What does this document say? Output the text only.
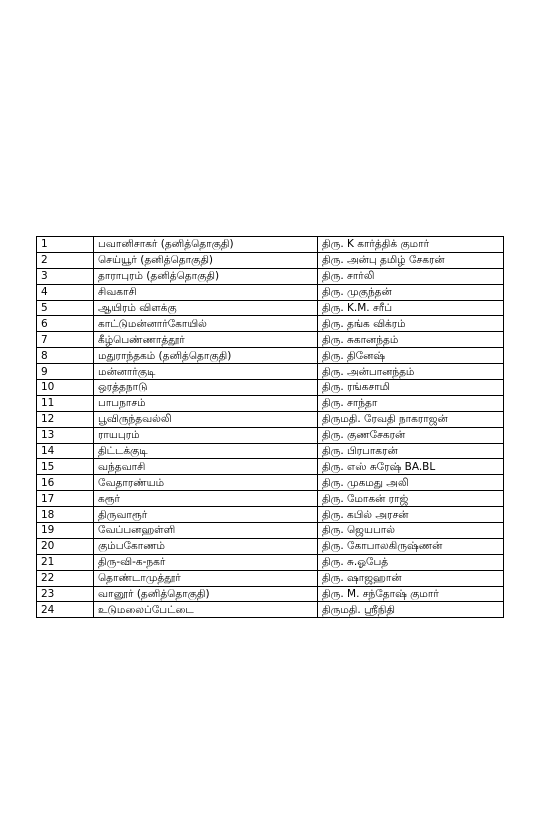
1	பவானிசாகர் (தனித்தொகுதி)	திரு. K கார்த்திக் குமார்
2	செய்யூர் (தனித்தொகுதி)	திரு. அன்பு தமிழ் சேகரன்
3	தாராபுரம் (தனித்தொகுதி)	திரு. சார்லி
4	சிவகாசி	திரு. முகுந்தன்
5	ஆயிரம் விளக்கு	திரு. K.M. சரீப்
6	காட்டுமன்னார்கோயில்	திரு. தங்க விக்ரம்
7	கீழ்பெண்ணாத்தூர்	திரு. சுகானந்தம்
8	மதுராந்தகம் (தனித்தொகுதி)	திரு. தினேஷ்
9	மன்னார்குடி	திரு. அன்பானந்தம்
10	ஒரத்தநாடு	திரு. ரங்கசாமி
11	பாபநாசம்	திரு. சாந்தா
12	பூவிருந்தவல்லி	திருமதி. ரேவதி நாகராஜன்
13	ராயபுரம்	திரு. குணசேகரன்
14	திட்டக்குடி	திரு. பிரபாகரன்
15	வந்தவாசி	திரு. எஸ் சுரேஷ் BA.BL
16	வேதாரண்யம்	திரு. முகமது அலி
17	கரூர்	திரு. மோகன் ராஜ்
18	திருவாரூர்	திரு. கபில் அரசன்
19	வேப்பனஹள்ளி	திரு. ஜெயபால்
20	கும்பகோணம்	திரு. கோபாலகிருஷ்ணன்
21	திரு-வி-க-நகர்	திரு. சு.ஓபேத்
22	தொண்டாமுத்தூர்	திரு. ஷாஜஹான்
23	வானூர் (தனித்தொகுதி)	திரு. M. சந்தோஷ் குமார்
24	உடுமலைப்பேட்டை	திருமதி. ஸ்ரீநிதி
